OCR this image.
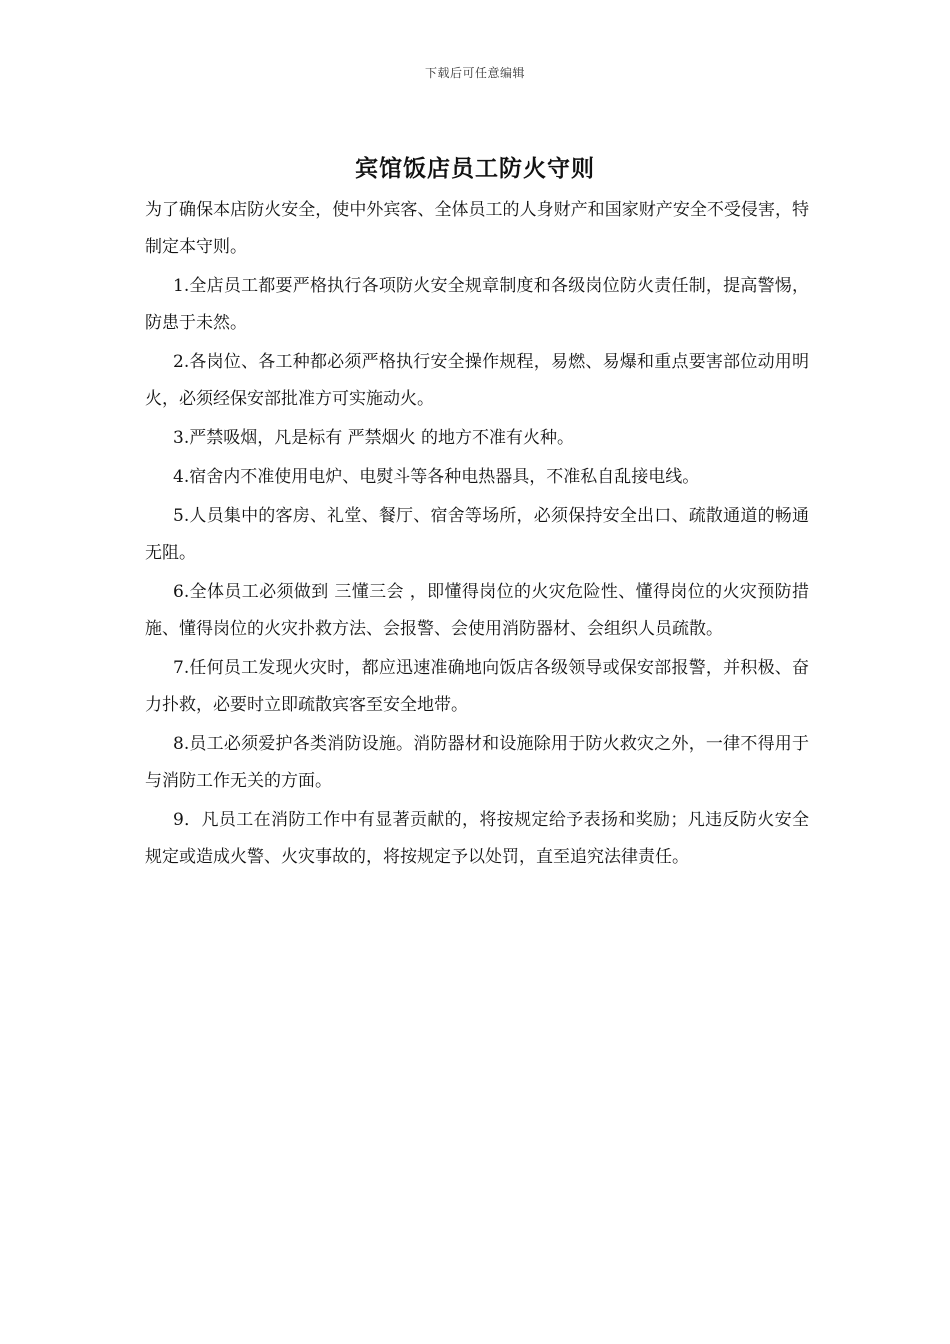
下载后可任意编辑
宾馆饭店员工防火守则

为了确保本店防火安全，使中外宾客、全体员工的人身财产和国家财产安全不受侵害，特制定本守则。

1.全店员工都要严格执行各项防火安全规章制度和各级岗位防火责任制，提高警惕，防患于未然。

2.各岗位、各工种都必须严格执行安全操作规程，易燃、易爆和重点要害部位动用明火，必须经保安部批准方可实施动火。

3.严禁吸烟，凡是标有 严禁烟火 的地方不准有火种。

4.宿舍内不准使用电炉、电熨斗等各种电热器具，不准私自乱接电线。

5.人员集中的客房、礼堂、餐厅、宿舍等场所，必须保持安全出口、疏散通道的畅通无阻。

6.全体员工必须做到 三懂三会 ，即懂得岗位的火灾危险性、懂得岗位的火灾预防措施、懂得岗位的火灾扑救方法、会报警、会使用消防器材、会组织人员疏散。

7.任何员工发现火灾时，都应迅速准确地向饭店各级领导或保安部报警，并积极、奋力扑救，必要时立即疏散宾客至安全地带。

8.员工必须爱护各类消防设施。消防器材和设施除用于防火救灾之外，一律不得用于与消防工作无关的方面。

9．凡员工在消防工作中有显著贡献的，将按规定给予表扬和奖励；凡违反防火安全规定或造成火警、火灾事故的，将按规定予以处罚，直至追究法律责任。
